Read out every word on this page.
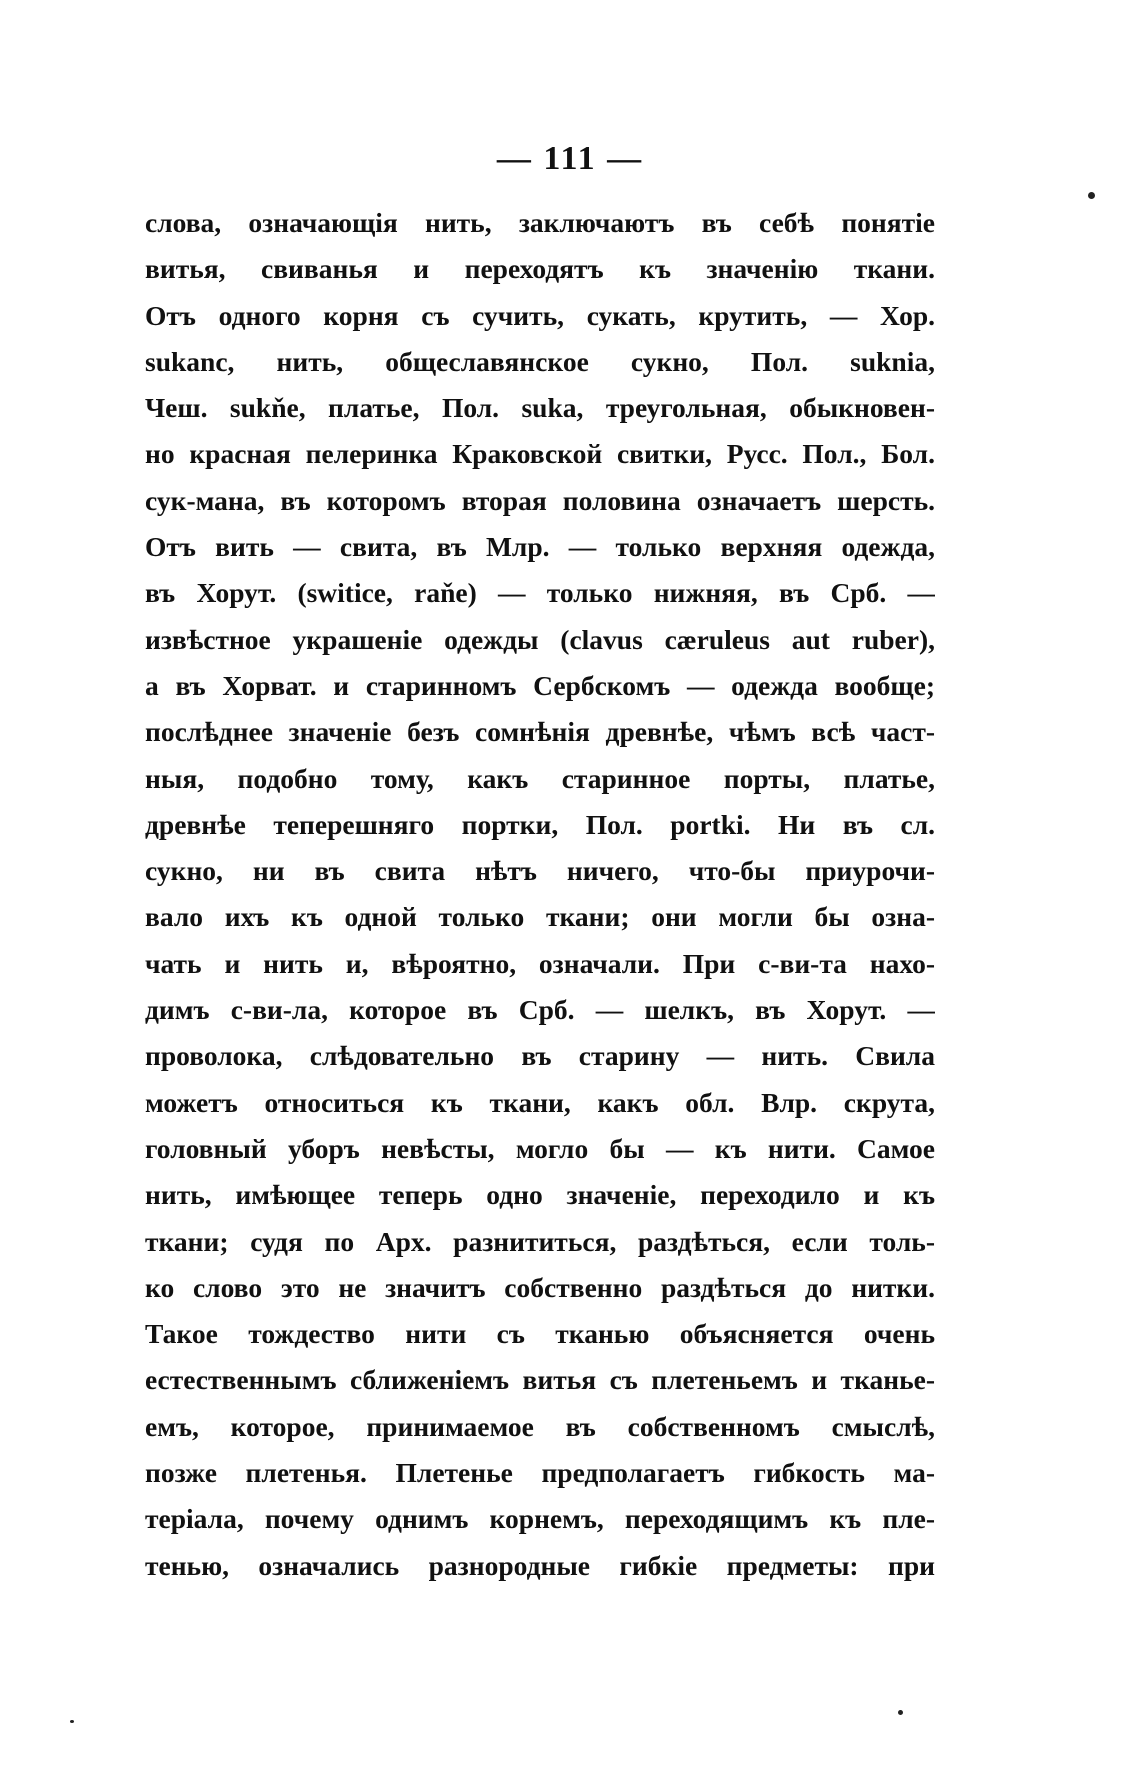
— 111 —
слова, означающія нить, заключаютъ въ себѣ понятіе
витья, свиванья и переходятъ къ значенію ткани.
Отъ одного корня съ сучить, сукать, крутить, — Хор.
sukanc, нить, общеславянское сукно, Пол. suknia,
Чеш. sukňe, платье, Пол. suka, треугольная, обыкновен-
но красная пелеринка Краковской свитки, Русс. Пол., Бол.
сук-мана, въ которомъ вторая половина означаетъ шерсть.
Отъ вить — свита, въ Млр. — только верхняя одежда,
въ Хорут. (switice, raňe) — только нижняя, въ Срб. —
извѣстное украшеніе одежды (clavus cæruleus aut ruber),
а въ Хорват. и старинномъ Сербскомъ — одежда вообще;
послѣднее значеніе безъ сомнѣнія древнѣе, чѣмъ всѣ част-
ныя, подобно тому, какъ старинное порты, платье,
древнѣе теперешняго портки, Пол. portki. Ни въ сл.
сукно, ни въ свита нѣтъ ничего, что-бы приурочи-
вало ихъ къ одной только ткани; они могли бы озна-
чать и нить и, вѣроятно, означали. При с-ви-та нахо-
димъ с-ви-ла, которое въ Срб. — шелкъ, въ Хорут. —
проволока, слѣдовательно въ старину — нить. Свила
можетъ относиться къ ткани, какъ обл. Влр. скрута,
головный уборъ невѣсты, могло бы — къ нити. Самое
нить, имѣющее теперь одно значеніе, переходило и къ
ткани; судя по Арх. разнититься, раздѣться, если толь-
ко слово это не значитъ собственно раздѣться до нитки.
Такое тождество нити съ тканью объясняется очень
естественнымъ сближеніемъ витья съ плетеньемъ и тканье-
емъ, которое, принимаемое въ собственномъ смыслѣ,
позже плетенья. Плетенье предполагаетъ гибкость ма-
теріала, почему однимъ корнемъ, переходящимъ къ пле-
тенью, означались разнородные гибкіе предметы: при
